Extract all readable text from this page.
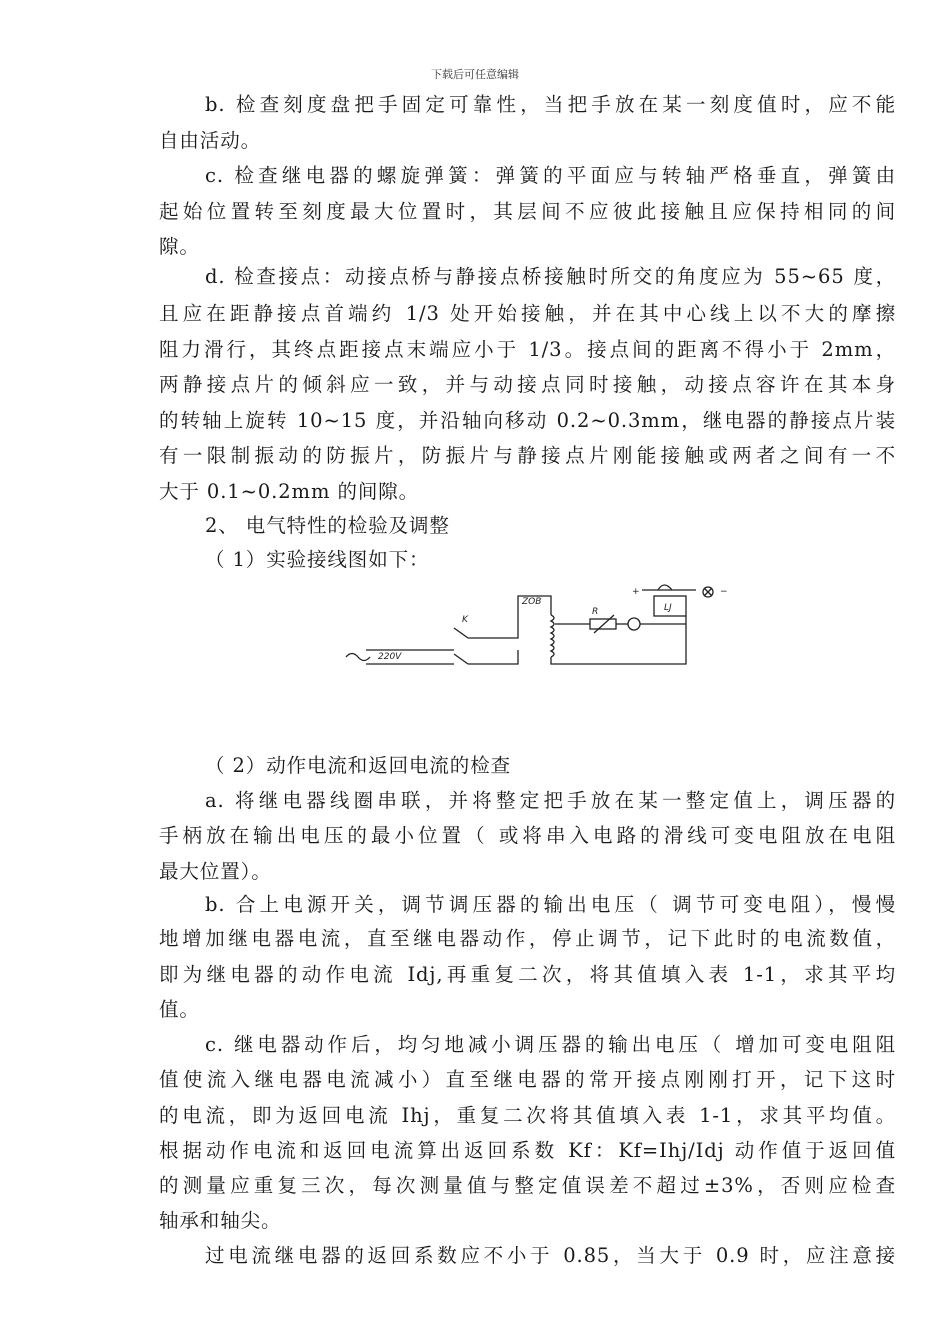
下载后可任意编辑
b. 检查刻度盘把手固定可靠性，当把手放在某一刻度值时，应不能
自由活动。
c. 检查继电器的螺旋弹簧：弹簧的平面应与转轴严格垂直，弹簧由
起始位置转至刻度最大位置时，其层间不应彼此接触且应保持相同的间
隙。
d. 检查接点：动接点桥与静接点桥接触时所交的角度应为 55~65 度，
且应在距静接点首端约 1/3 处开始接触，并在其中心线上以不大的摩擦
阻力滑行，其终点距接点末端应小于 1/3。接点间的距离不得小于 2mm，
两静接点片的倾斜应一致，并与动接点同时接触，动接点容许在其本身
的转轴上旋转 10~15 度，并沿轴向移动 0.2~0.3mm，继电器的静接点片装
有一限制振动的防振片，防振片与静接点片刚能接触或两者之间有一不
大于 0.1~0.2mm 的间隙。
2、 电气特性的检验及调整
（ 1）实验接线图如下：
220V
K
ZOB
R	LJ
+	−
（ 2）动作电流和返回电流的检查
a. 将继电器线圈串联，并将整定把手放在某一整定值上，调压器的
手柄放在输出电压的最小位置（ 或将串入电路的滑线可变电阻放在电阻
最大位置）。
b. 合上电源开关，调节调压器的输出电压（ 调节可变电阻），慢慢
地增加继电器电流，直至继电器动作，停止调节，记下此时的电流数值，
即为继电器的动作电流 Idj,再重复二次，将其值填入表 1-1，求其平均
值。
c. 继电器动作后，均匀地减小调压器的输出电压（ 增加可变电阻阻
值使流入继电器电流减小）直至继电器的常开接点刚刚打开，记下这时
的电流，即为返回电流 Ihj，重复二次将其值填入表 1-1，求其平均值。
根据动作电流和返回电流算出返回系数 Kf：Kf=Ihj/Idj 动作值于返回值
的测量应重复三次，每次测量值与整定值误差不超过±3%，否则应检查
轴承和轴尖。
过电流继电器的返回系数应不小于 0.85，当大于 0.9 时，应注意接
